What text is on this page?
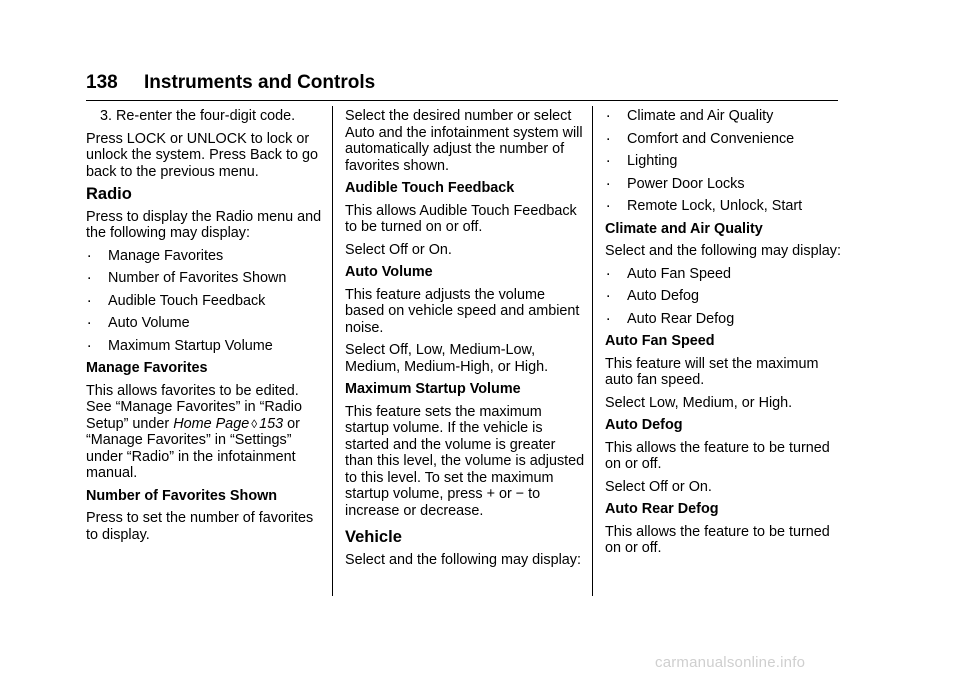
138 Instruments and Controls

3. Re-enter the four-digit code.

Press LOCK or UNLOCK to lock or unlock the system. Press Back to go back to the previous menu.

Radio

Press to display the Radio menu and the following may display:

. Manage Favorites
. Number of Favorites Shown
. Audible Touch Feedback
. Auto Volume
. Maximum Startup Volume
Manage Favorites

This allows favorites to be edited. See “Manage Favorites” in “Radio Setup” under Home Page ◊ 153 or “Manage Favorites” in “Settings” under “Radio” in the infotainment manual.

Number of Favorites Shown

Press to set the number of favorites to display.

Select the desired number or select Auto and the infotainment system will automatically adjust the number of favorites shown.

Audible Touch Feedback

This allows Audible Touch Feedback to be turned on or off.

Select Off or On.

Auto Volume

This feature adjusts the volume based on vehicle speed and ambient noise.

Select Off, Low, Medium-Low, Medium, Medium-High, or High.

Maximum Startup Volume

This feature sets the maximum startup volume. If the vehicle is started and the volume is greater than this level, the volume is adjusted to this level. To set the maximum startup volume, press + or − to increase or decrease.

Vehicle

Select and the following may display:

. Climate and Air Quality
. Comfort and Convenience
. Lighting
. Power Door Locks
. Remote Lock, Unlock, Start
Climate and Air Quality

Select and the following may display:

. Auto Fan Speed
. Auto Defog
. Auto Rear Defog
Auto Fan Speed

This feature will set the maximum auto fan speed.

Select Low, Medium, or High.

Auto Defog

This allows the feature to be turned on or off.

Select Off or On.

Auto Rear Defog

This allows the feature to be turned on or off.

carmanualsonline.info
